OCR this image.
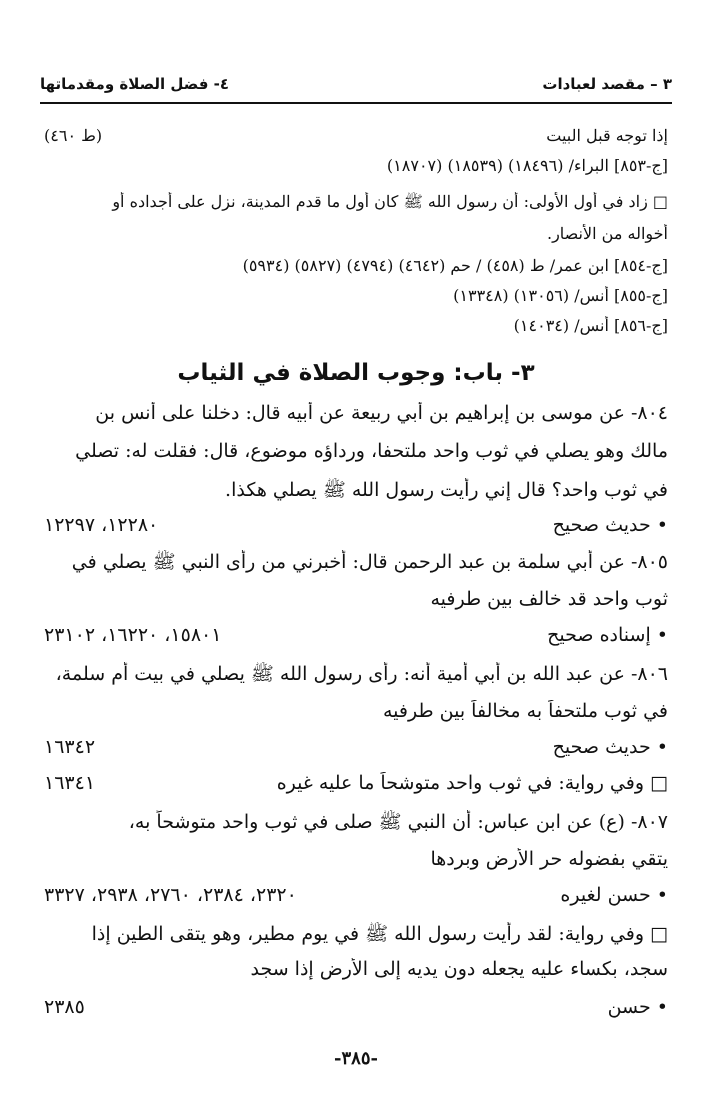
٣ – مقصد لعبادات
٤- فضل الصلاة ومقدماتها
إذا توجه قبل البيت
(ط ٤٦٠)
[ج-٨٥٣] البراء/ (١٨٤٩٦) (١٨٥٣٩) (١٨٧٠٧)
□ زاد في أول الأولى: أن رسول الله ﷺ كان أول ما قدم المدينة، نزل على أجداده أو
أخواله من الأنصار.
[ج-٨٥٤] ابن عمر/ ط (٤٥٨) / حم (٤٦٤٢) (٤٧٩٤) (٥٨٢٧) (٥٩٣٤)
[ج-٨٥٥] أنس/ (١٣٠٥٦) (١٣٣٤٨)
[ج-٨٥٦] أنس/ (١٤٠٣٤)
٣- باب: وجوب الصلاة في الثياب
٨٠٤- عن موسى بن إبراهيم بن أبي ربيعة عن أبيه قال: دخلنا على أنس بن
مالك وهو يصلي في ثوب واحد ملتحفا، ورداؤه موضوع، قال: فقلت له: تصلي
في ثوب واحد؟ قال إني رأيت رسول الله ﷺ يصلي هكذا.
• حديث صحيح
١٢٢٨٠، ١٢٢٩٧
٨٠٥- عن أبي سلمة بن عبد الرحمن قال: أخبرني من رأى النبي ﷺ يصلي في
ثوب واحد قد خالف بين طرفيه
• إسناده صحيح
١٥٨٠١، ١٦٢٢٠، ٢٣١٠٢
٨٠٦- عن عبد الله بن أبي أمية أنه: رأى رسول الله ﷺ يصلي في بيت أم سلمة،
في ثوب ملتحفاً به مخالفاً بين طرفيه
• حديث صحيح
١٦٣٤٢
□ وفي رواية: في ثوب واحد متوشحاً ما عليه غيره
١٦٣٤١
٨٠٧- (ع) عن ابن عباس: أن النبي ﷺ صلى في ثوب واحد متوشحاً به،
يتقي بفضوله حر الأرض وبردها
• حسن لغيره
٢٣٢٠، ٢٣٨٤، ٢٧٦٠، ٢٩٣٨، ٣٣٢٧
□ وفي رواية: لقد رأيت رسول الله ﷺ في يوم مطير، وهو يتقى الطين إذا
سجد، بكساء عليه يجعله دون يديه إلى الأرض إذا سجد
• حسن
٢٣٨٥
-٣٨٥-
